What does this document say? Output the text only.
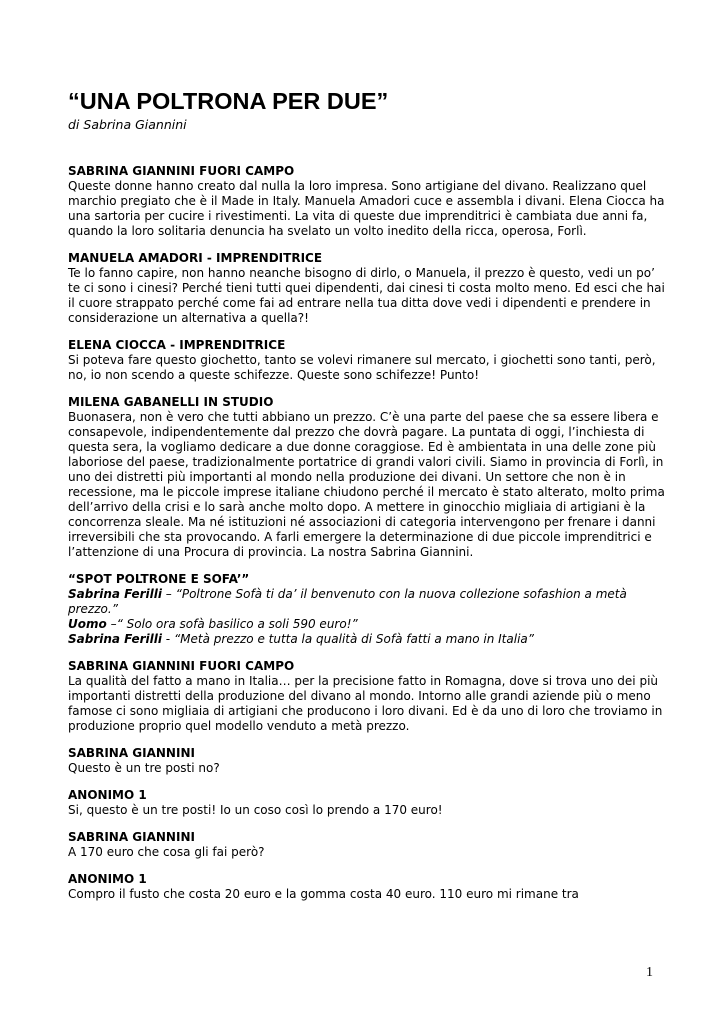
“UNA POLTRONA PER DUE”

di Sabrina Giannini

SABRINA GIANNINI FUORI CAMPO

Queste donne hanno creato dal nulla la loro impresa. Sono artigiane del divano. Realizzano quel marchio pregiato che è il Made in Italy. Manuela Amadori cuce e assembla i divani. Elena Ciocca ha una sartoria per cucire i rivestimenti. La vita di queste due imprenditrici è cambiata due anni fa, quando la loro solitaria denuncia ha svelato un volto inedito della ricca, operosa, Forlì.

MANUELA AMADORI - IMPRENDITRICE

Te lo fanno capire, non hanno neanche bisogno di dirlo, o Manuela, il prezzo è questo, vedi un po’ te ci sono i cinesi? Perché tieni tutti quei dipendenti, dai cinesi ti costa molto meno. Ed esci che hai il cuore strappato perché come fai ad entrare nella tua ditta dove vedi i dipendenti e prendere in considerazione un alternativa a quella?!

ELENA CIOCCA - IMPRENDITRICE

Si poteva fare questo giochetto, tanto se volevi rimanere sul mercato, i giochetti sono tanti, però, no, io non scendo a queste schifezze. Queste sono schifezze! Punto!

MILENA GABANELLI IN STUDIO

Buonasera, non è vero che tutti abbiano un prezzo. C’è una parte del paese che sa essere libera e consapevole, indipendentemente dal prezzo che dovrà pagare. La puntata di oggi, l’inchiesta di questa sera, la vogliamo dedicare a due donne coraggiose. Ed è ambientata in una delle zone più laboriose del paese, tradizionalmente portatrice di grandi valori civili. Siamo in provincia di Forlì, in uno dei distretti più importanti al mondo nella produzione dei divani. Un settore che non è in recessione, ma le piccole imprese italiane chiudono perché il mercato è stato alterato, molto prima dell’arrivo della crisi e lo sarà anche molto dopo. A mettere in ginocchio migliaia di artigiani è la concorrenza sleale. Ma né istituzioni né associazioni di categoria intervengono per frenare i danni irreversibili che sta provocando. A farli emergere la determinazione di due piccole imprenditrici e l’attenzione di una Procura di provincia. La nostra Sabrina Giannini.

“SPOT POLTRONE E SOFA’”

Sabrina Ferilli – “Poltrone Sofà ti da’ il benvenuto con la nuova collezione sofashion a metà prezzo.”

Uomo –“ Solo ora sofà basilico a soli 590 euro!”

Sabrina Ferilli - “Metà prezzo e tutta la qualità di Sofà fatti a mano in Italia”

SABRINA GIANNINI FUORI CAMPO

La qualità del fatto a mano in Italia… per la precisione fatto in Romagna, dove si trova uno dei più importanti distretti della produzione del divano al mondo. Intorno alle grandi aziende più o meno famose ci sono migliaia di artigiani che producono i loro divani. Ed è da uno di loro che troviamo in produzione proprio quel modello venduto a metà prezzo.

SABRINA GIANNINI

Questo è un tre posti no?

ANONIMO 1

Si, questo è un tre posti! Io un coso così lo prendo a 170 euro!

SABRINA GIANNINI

A 170 euro che cosa gli fai però?

ANONIMO 1

Compro il fusto che costa 20 euro e la gomma costa 40 euro. 110 euro mi rimane tra

1
